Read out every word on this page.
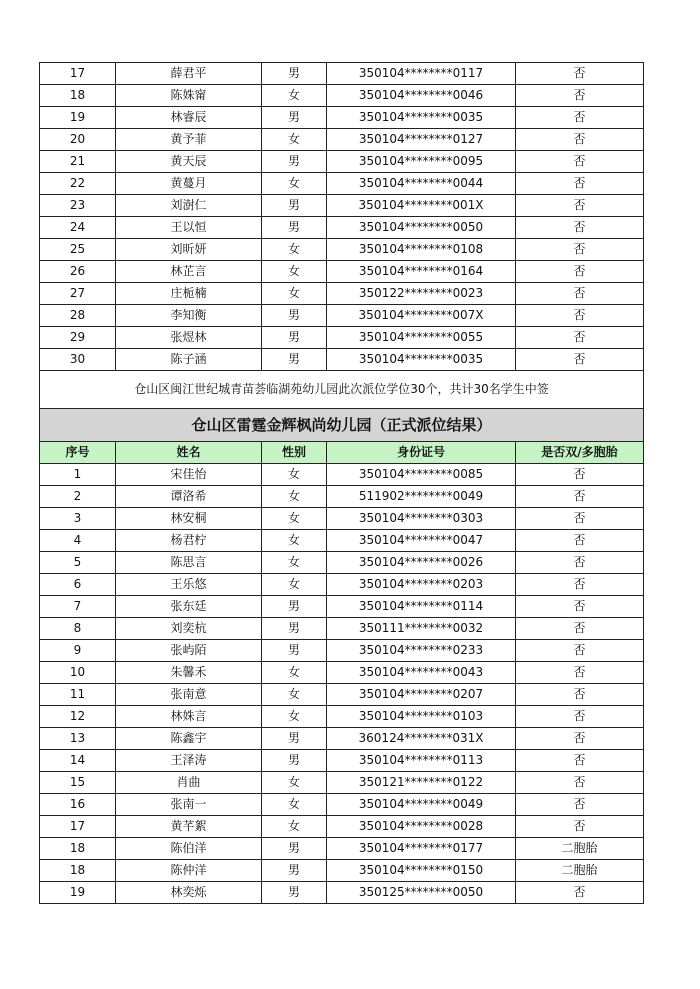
17	薛君平	男	350104********0117	否
18	陈姝甯	女	350104********0046	否
19	林睿辰	男	350104********0035	否
20	黄予菲	女	350104********0127	否
21	黄天辰	男	350104********0095	否
22	黄蔓月	女	350104********0044	否
23	刘澍仁	男	350104********001X	否
24	王以恒	男	350104********0050	否
25	刘昕妍	女	350104********0108	否
26	林芷言	女	350104********0164	否
27	庄栀楠	女	350122********0023	否
28	李知衡	男	350104********007X	否
29	张煜林	男	350104********0055	否
30	陈子涵	男	350104********0035	否
仓山区闽江世纪城青苗荟临湖苑幼儿园此次派位学位30个，共计30名学生中签				
仓山区雷霆金辉枫尚幼儿园（正式派位结果）				
序号	姓名	性别	身份证号	是否双/多胞胎
1	宋佳怡	女	350104********0085	否
2	谭洛希	女	511902********0049	否
3	林安桐	女	350104********0303	否
4	杨君柠	女	350104********0047	否
5	陈思言	女	350104********0026	否
6	王乐悠	女	350104********0203	否
7	张东廷	男	350104********0114	否
8	刘奕杭	男	350111********0032	否
9	张屿陌	男	350104********0233	否
10	朱馨禾	女	350104********0043	否
11	张南意	女	350104********0207	否
12	林姝言	女	350104********0103	否
13	陈鑫宇	男	360124********031X	否
14	王泽涛	男	350104********0113	否
15	肖曲	女	350121********0122	否
16	张南一	女	350104********0049	否
17	黄芊絮	女	350104********0028	否
18	陈伯洋	男	350104********0177	二胞胎
18	陈仲洋	男	350104********0150	二胞胎
19	林奕烁	男	350125********0050	否
